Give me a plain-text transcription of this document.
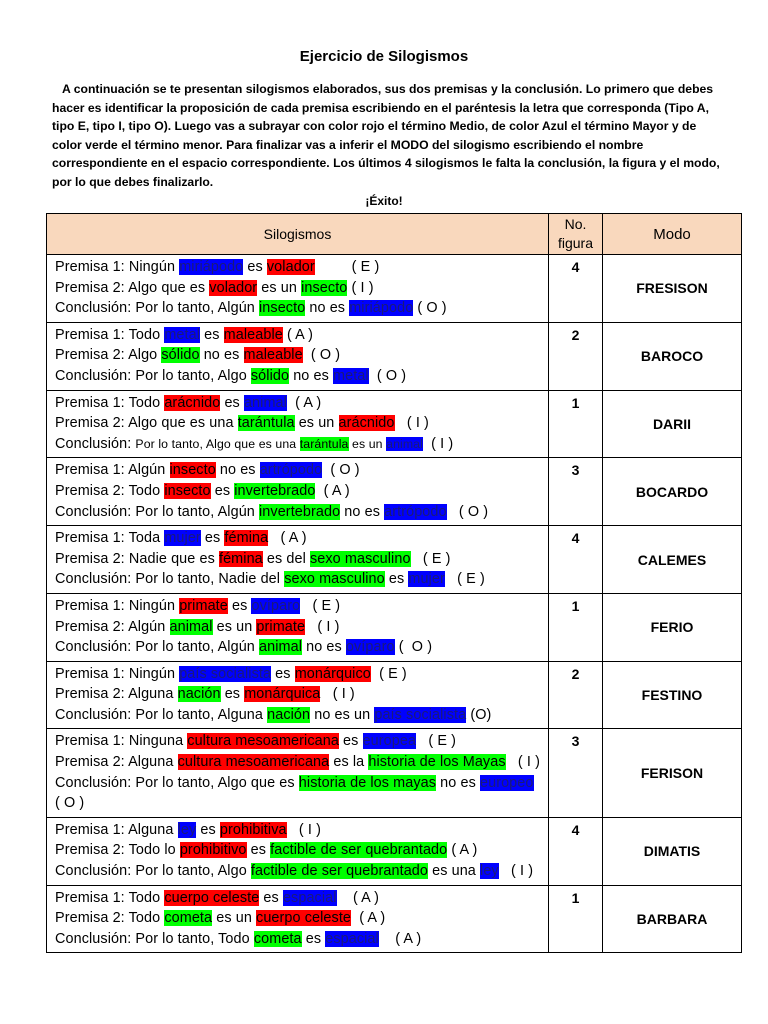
Ejercicio de Silogismos
A continuación se te presentan silogismos elaborados, sus dos premisas y la conclusión. Lo primero que debes hacer es identificar la proposición de cada premisa escribiendo en el paréntesis la letra que corresponda (Tipo A, tipo E, tipo I, tipo O). Luego vas a subrayar con color rojo el término Medio, de color Azul el término Mayor y de color verde el término menor. Para finalizar vas a inferir el MODO del silogismo escribiendo el nombre correspondiente en el espacio correspondiente. Los últimos 4 silogismos le falta la conclusión, la figura y el modo, por lo que debes finalizarlo.
¡Éxito!
Silogismos	No. figura	Modo

Premisa 1: Ningún miriápodo es volador         ( E )
Premisa 2: Algo que es volador es un insecto ( I )
Conclusión: Por lo tanto, Algún insecto no es miriápodo ( O )	4	FRESISON

Premisa 1: Todo metal es maleable ( A )
Premisa 2: Algo sólido no es maleable  ( O )
Conclusión: Por lo tanto, Algo sólido no es metal  ( O )	2	BAROCO

Premisa 1: Todo arácnido es animal  ( A )
Premisa 2: Algo que es una tarántula es un arácnido   ( I )
Conclusión: Por lo tanto, Algo que es una tarántula es un animal  ( I )	1	DARII

Premisa 1: Algún insecto no es artrópodo  ( O )
Premisa 2: Todo insecto es invertebrado  ( A )
Conclusión: Por lo tanto, Algún invertebrado no es artrópodo   ( O )	3	BOCARDO

Premisa 1: Toda mujer es fémina   ( A )
Premisa 2: Nadie que es fémina es del sexo masculino   ( E )
Conclusión: Por lo tanto, Nadie del sexo masculino es mujer   ( E )	4	CALEMES

Premisa 1: Ningún primate es ovíparo   ( E )
Premisa 2: Algún animal es un primate   ( I )
Conclusión: Por lo tanto, Algún animal no es ovíparo (  O )	1	FERIO

Premisa 1: Ningún país socialista es monárquico  ( E )
Premisa 2: Alguna nación es monárquica   ( I )
Conclusión: Por lo tanto, Alguna nación no es un país socialista (O)	2	FESTINO

Premisa 1: Ninguna cultura mesoamericana es europea   ( E )
Premisa 2: Alguna cultura mesoamericana es la historia de los Mayas   ( I )
Conclusión: Por lo tanto, Algo que es historia de los mayas no es europeo   ( O )	3	FERISON

Premisa 1: Alguna ley es prohibitiva   ( I )
Premisa 2: Todo lo prohibitivo es factible de ser quebrantado ( A )
Conclusión: Por lo tanto, Algo factible de ser quebrantado es una ley   ( I )	4	DIMATIS

Premisa 1: Todo cuerpo celeste es espacial    ( A )
Premisa 2: Todo cometa es un cuerpo celeste  ( A )
Conclusión: Por lo tanto, Todo cometa es espacial    ( A )	1	BARBARA
